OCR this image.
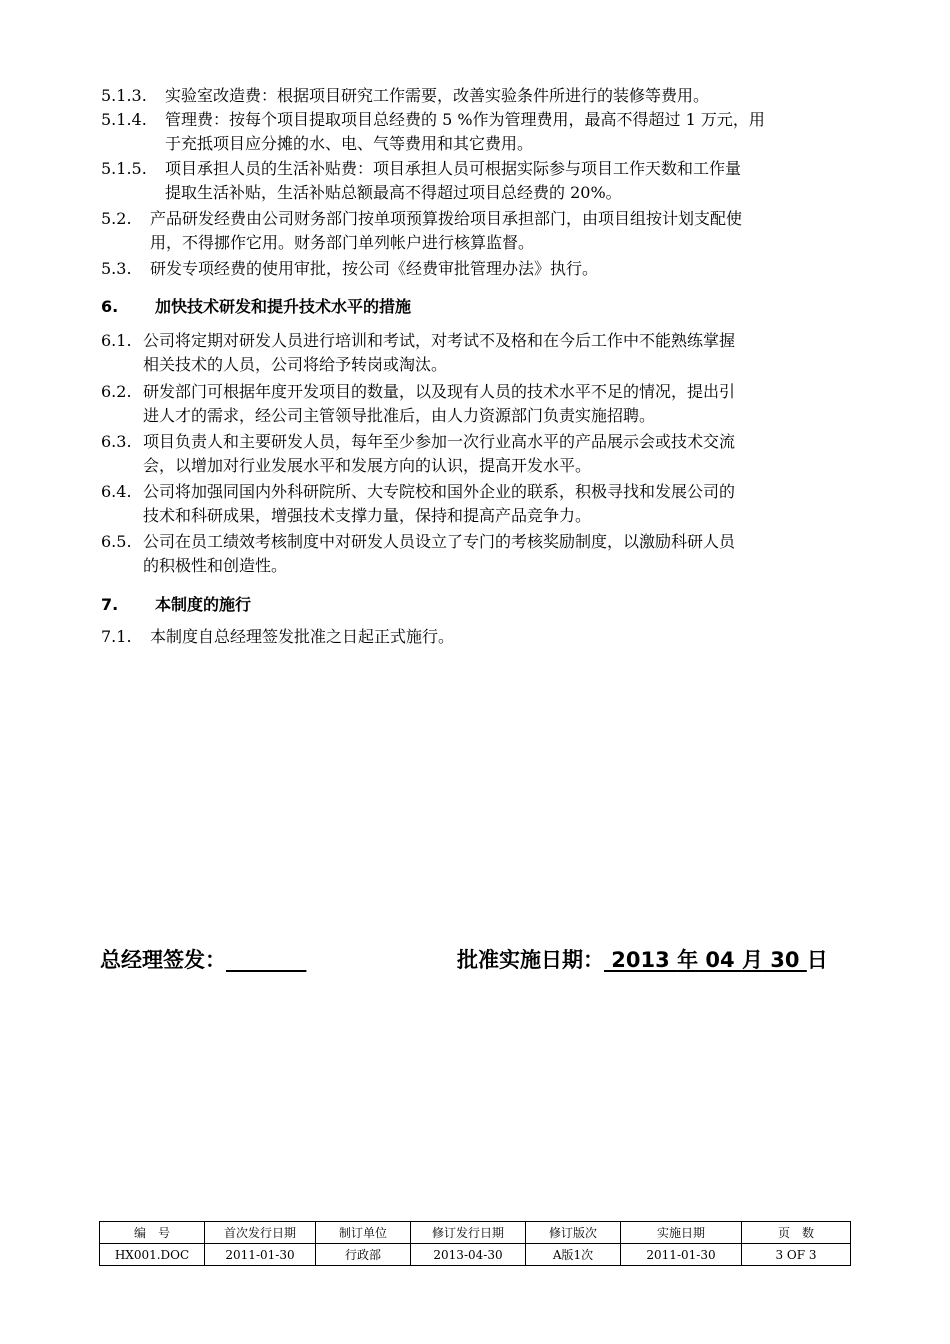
5.1.3. 实验室改造费：根据项目研究工作需要，改善实验条件所进行的装修等费用。
5.1.4. 管理费：按每个项目提取项目总经费的 5 %作为管理费用，最高不得超过 1 万元，用
于充抵项目应分摊的水、电、气等费用和其它费用。
5.1.5. 项目承担人员的生活补贴费：项目承担人员可根据实际参与项目工作天数和工作量
提取生活补贴，生活补贴总额最高不得超过项目总经费的 20%。
5.2. 产品研发经费由公司财务部门按单项预算拨给项目承担部门，由项目组按计划支配使
用，不得挪作它用。财务部门单列帐户进行核算监督。
5.3. 研发专项经费的使用审批，按公司《经费审批管理办法》执行。
6. 加快技术研发和提升技术水平的措施
6.1. 公司将定期对研发人员进行培训和考试，对考试不及格和在今后工作中不能熟练掌握
相关技术的人员，公司将给予转岗或淘汰。
6.2. 研发部门可根据年度开发项目的数量，以及现有人员的技术水平不足的情况，提出引
进人才的需求，经公司主管领导批准后，由人力资源部门负责实施招聘。
6.3. 项目负责人和主要研发人员，每年至少参加一次行业高水平的产品展示会或技术交流
会，以增加对行业发展水平和发展方向的认识，提高开发水平。
6.4. 公司将加强同国内外科研院所、大专院校和国外企业的联系，积极寻找和发展公司的
技术和科研成果，增强技术支撑力量，保持和提高产品竞争力。
6.5. 公司在员工绩效考核制度中对研发人员设立了专门的考核奖励制度，以激励科研人员
的积极性和创造性。
7. 本制度的施行
7.1. 本制度自总经理签发批准之日起正式施行。
总经理签发：	批准实施日期： 2013 年 04 月 30 日
编　号	首次发行日期	制订单位	修订发行日期	修订版次	实施日期	页　数
HX001.DOC	2011-01-30	行政部	2013-04-30	A版1次	2011-01-30	3 OF 3
